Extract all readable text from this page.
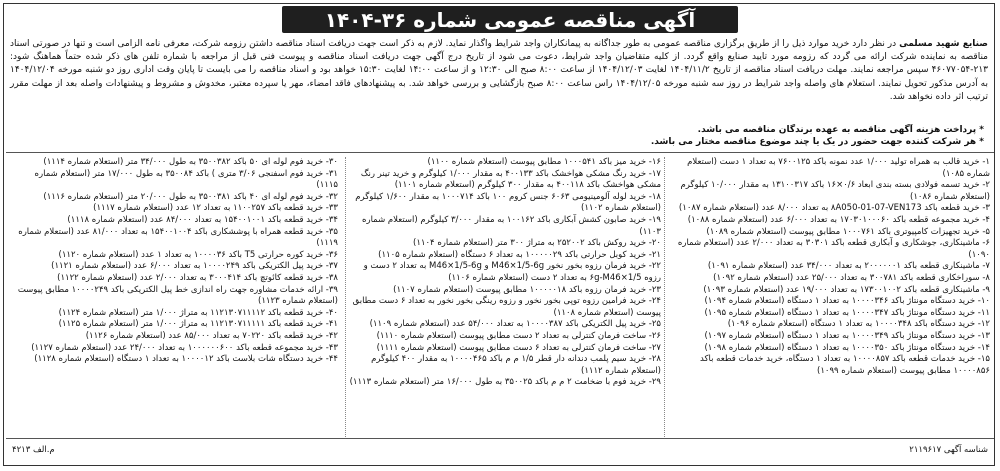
آگهی مناقصه عمومی شماره ۳۶-۱۴۰۴
صنایع شهید مسلمی در نظر دارد خرید موارد ذیل را از طریق برگزاری مناقصه عمومی به طور جداگانه به پیمانکاران واجد شرایط واگذار نماید. لازم به ذکر است جهت دریافت اسناد مناقصه داشتن رزومه شرکت، معرفی نامه الزامی است و تنها در صورتی اسناد مناقصه به نماینده شرکت ارائه می گردد که رزومه مورد تایید صنایع واقع گردد. از کلیه متقاضیان واجد شرایط، دعوت می شود از تاریخ درج آگهی جهت دریافت اسناد مناقصه و پیوست فنی قبل از مراجعه با شماره تلفن های ذکر شده حتماً هماهنگ شود: ۲۱۳-۴۶۰۷۷۰۵۴ سپس مراجعه نمایند. مهلت دریافت اسناد مناقصه از تاریخ ۱۴۰۴/۱۱/۲ لغایت ۱۴۰۴/۱۲/۰۳ از ساعت ۸:۰۰ صبح الی ۱۲:۳۰ و از ساعت ۱۴:۰۰ لغایت ۱۵:۳۰ خواهد بود و اسناد مناقصه را می بایست تا پایان وقت اداری روز دو شنبه مورخه ۱۴۰۴/۱۲/۰۴ به آدرس مذکور تحویل نمایند. استعلام های واصله واجد شرایط در روز سه شنبه مورخه ۱۴۰۴/۱۲/۰۵ راس ساعت ۸:۰۰ صبح بازگشایی و بررسی خواهد شد. به پیشنهادهای فاقد امضاء، مهر یا سپرده معتبر، مخدوش و مشروط و پیشنهادات واصله بعد از مهلت مقرر ترتیب اثر داده نخواهد شد.
* پرداخت هزینه آگهی مناقصه به عهده برندگان مناقصه می باشد.
* هر شرکت کننده جهت حضور در یک یا چند موضوع مناقصه مختار می باشد.
۱- خرید قالب به همراه تولید ۱/۰۰۰ عدد نمونه باکد ۷۶۰۰۱۲۵ به تعداد ۱ دست (استعلام شماره ۱۰۸۵)
۲- خرید تسمه فولادی بسته بندی ابعاد ۰/۶×۱۶ باکد ۱۳۱۰۰۳۱۷ به مقدار ۱۰/۰۰۰ کیلوگرم (استعلام شماره ۱۰۸۶)
۳- خرید قطعه باکد ۸A050-01-07-VEN173 به تعداد ۸/۰۰۰ عدد (استعلام شماره ۱۰۸۷)
۴- خرید مجموعه قطعه باکد ۱۷۰۳۰۱۰۰۰۶۰ به تعداد ۶/۰۰۰ عدد (استعلام شماره ۱۰۸۸)
۵- خرید تجهیزات کامپیوتری باکد ۱۰۰۰۷۶۱ مطابق پیوست (استعلام شماره ۱۰۸۹)
۶- ماشینکاری، جوشکاری و آبکاری قطعه باکد ۳۰۳۰۱ به تعداد ۲/۰۰۰ عدد (استعلام شماره ۱۰۹۰)
۷- ماشینکاری قطعه باکد ۲۰۰۰۰۰۰۱ به تعداد ۳۴/۰۰۰ عدد (استعلام شماره ۱۰۹۱)
۸- سوراخکاری قطعه باکد ۳۰۰۷۸۱ به تعداد ۲۵/۰۰۰ عدد (استعلام شماره ۱۰۹۲)
۹- ماشینکاری قطعه باکد ۱۷۳۰۰۱۰۰۲ به تعداد ۱۹/۰۰۰ عدد (استعلام شماره ۱۰۹۳)
۱۰- خرید دستگاه مونتاژ باکد ۱۰۰۰۰۳۴۶ به تعداد ۱ دستگاه (استعلام شماره ۱۰۹۴)
۱۱- خرید دستگاه مونتاژ باکد ۱۰۰۰۰۳۴۷ به تعداد ۱ دستگاه (استعلام شماره ۱۰۹۵)
۱۲- خرید دستگاه باکد ۱۰۰۰۰۳۴۸ به تعداد ۱ دستگاه (استعلام شماره ۱۰۹۶)
۱۳- خرید دستگاه مونتاژ باکد ۱۰۰۰۰۳۴۹ به تعداد ۱ دستگاه (استعلام شماره ۱۰۹۷)
۱۴- خرید دستگاه مونتاژ باکد ۱۰۰۰۰۳۵۰ به تعداد ۱ دستگاه (استعلام شماره ۱۰۹۸)
۱۵- خرید خدمات قطعه باکد ۱۰۰۰۰۸۵۷ به تعداد ۱ دستگاه، خرید خدمات قطعه باکد ۱۰۰۰۰۸۵۶ مطابق پیوست (استعلام شماره ۱۰۹۹)
۱۶- خرید میز باکد ۱۰۰۰۵۴۱ مطابق پیوست (استعلام شماره ۱۱۰۰)
۱۷- خرید رنگ مشکی هواخشک باکد ۴۰۰۱۳۳ به مقدار ۱/۰۰۰ کیلوگرم و خرید تینر رنگ مشکی هواخشک باکد ۴۰۰۱۱۸ به مقدار ۳۰۰ کیلوگرم (استعلام شماره ۱۱۰۱)
۱۸- خرید لوله آلومینیومی ۶۰۶۳ جنس کروم ۱۰۰ باکد ۱۰۰۰۷۱۴ به مقدار ۱/۶۰۰ کیلوگرم (استعلام شماره ۱۱۰۲)
۱۹- خرید صابون کشش آبکاری باکد ۱۰۰۱۶۲ به مقدار ۳/۰۰۰ کیلوگرم (استعلام شماره ۱۱۰۳)
۲۰- خرید روکش باکد ۲۵۲۰۰۲ به متراژ ۳۰۰ متر (استعلام شماره ۱۱۰۴)
۲۱- خرید کوبل حرارتی باکد ۱۰۰۰۰۰۲۹ به تعداد ۶ دستگاه (استعلام شماره ۱۱۰۵)
۲۲- خرید فرمان رزوه بخور نخور M46×1/5-6g و M46×1/5-6g به تعداد ۲ دست و رزوه ۶g-M46×1/5 به تعداد ۲ دست (استعلام شماره ۱۱۰۶)
۲۳- خرید فرمان رزوه باکد ۱۰۰۰۰۰۱۸ مطابق پیوست (استعلام شماره ۱۱۰۷)
۲۴- خرید فرامین رزوه توپی بخور نخور و رزوه رینگی بخور نخور به تعداد ۶ دست مطابق پیوست (استعلام شماره ۱۱۰۸)
۲۵- خرید پیل الکتریکی باکد ۱۰۰۰۰۳۸۷ به تعداد ۵۴/۰۰۰ عدد (استعلام شماره ۱۱۰۹)
۲۶- ساخت فرمان کنترلی به تعداد ۲ دست مطابق پیوست (استعلام شماره ۱۱۱۰)
۲۷- ساخت فرمان کنترلی به تعداد ۶ دست مطابق پیوست (استعلام شماره ۱۱۱۱)
۲۸- خرید سیم پلمب دندانه دار قطر ۱/۵ م م باکد ۱۰۰۰۰۴۶۵ به مقدار ۴۰۰ کیلوگرم (استعلام شماره ۱۱۱۲)
۲۹- خرید فوم با ضخامت ۲ م م باکد ۳۵۰۰۲۵ به طول ۱۶/۰۰۰ متر (استعلام شماره ۱۱۱۳)
۳۰- خرید فوم لوله ای ۵۰ باکد ۳۵۰۰۳۸۲ به طول ۳۴/۰۰۰ متر (استعلام شماره ۱۱۱۴)
۳۱- خرید فوم اسفنجی ۳/۰۶ متری ) باکد ۳۵۰۰۸۴ به طول ۱۷/۰۰۰ متر (استعلام شماره ۱۱۱۵)
۳۲- خرید فوم لوله ای ۴۰ باکد ۳۵۰۰۳۸۱ به طول ۲۰/۰۰۰ متر (استعلام شماره ۱۱۱۶)
۳۳- خرید قطعه باکد ۱۱۰۰۲۵۷ به تعداد ۱۲ عدد (استعلام شماره ۱۱۱۷)
۳۴- خرید قطعه باکد ۱۵۴۰۰۱۰۰۱ به تعداد ۸۴/۰۰۰ عدد (استعلام شماره ۱۱۱۸)
۳۵- خرید قطعه همراه با پوششکاری باکد ۱۵۴۰۰۱۰۰۴ به تعداد ۸۱/۰۰۰ عدد (استعلام شماره ۱۱۱۹)
۳۶- خرید کوره حرارتی T5 باکد ۱۰۰۰۰۳۶ به تعداد ۱ عدد (استعلام شماره ۱۱۲۰)
۳۷- خرید پیل الکتریکی باکد ۱۰۰۰۰۲۴۹ به تعداد ۶/۰۰۰ عدد (استعلام شماره ۱۱۲۱)
۳۸- خرید قطعه کائوتچ باکد ۳۰۰۰۴۱۴ به تعداد ۲/۰۰۰ عدد (استعلام شماره ۱۱۲۲)
۳۹- ارائه خدمات مشاوره جهت راه اندازی خط پیل الکتریکی باکد ۱۰۰۰۰۲۴۹ مطابق پیوست (استعلام شماره ۱۱۲۳)
۴۰- خرید قطعه باکد ۱۱۲۱۳۰۷۱۱۱۱۲ به متراژ ۱/۰۰۰ متر (استعلام شماره ۱۱۲۴)
۴۱- خرید قطعه باکد ۱۱۲۱۳۰۷۱۱۱۱۱ به متراژ ۱/۰۰۰ متر (استعلام شماره ۱۱۲۵)
۴۲- خرید قطعه باکد ۷۰۲۲۰ به تعداد ۸۵/۰۰۰ عدد (استعلام شماره ۱۱۲۶)
۴۳- خرید مجموعه قطعه باکد ۱۰۰۰۰۰۰۶۰۰ به تعداد ۲۴/۰۰۰ عدد (استعلام شماره ۱۱۲۷)
۴۴- خرید دستگاه شات بلاست باکد ۱۰۰۰۰۱۲ به تعداد ۱ دستگاه (استعلام شماره ۱۱۲۸)
شناسه آگهی ۲۱۱۹۶۱۷
م.الف ۴۲۱۳
